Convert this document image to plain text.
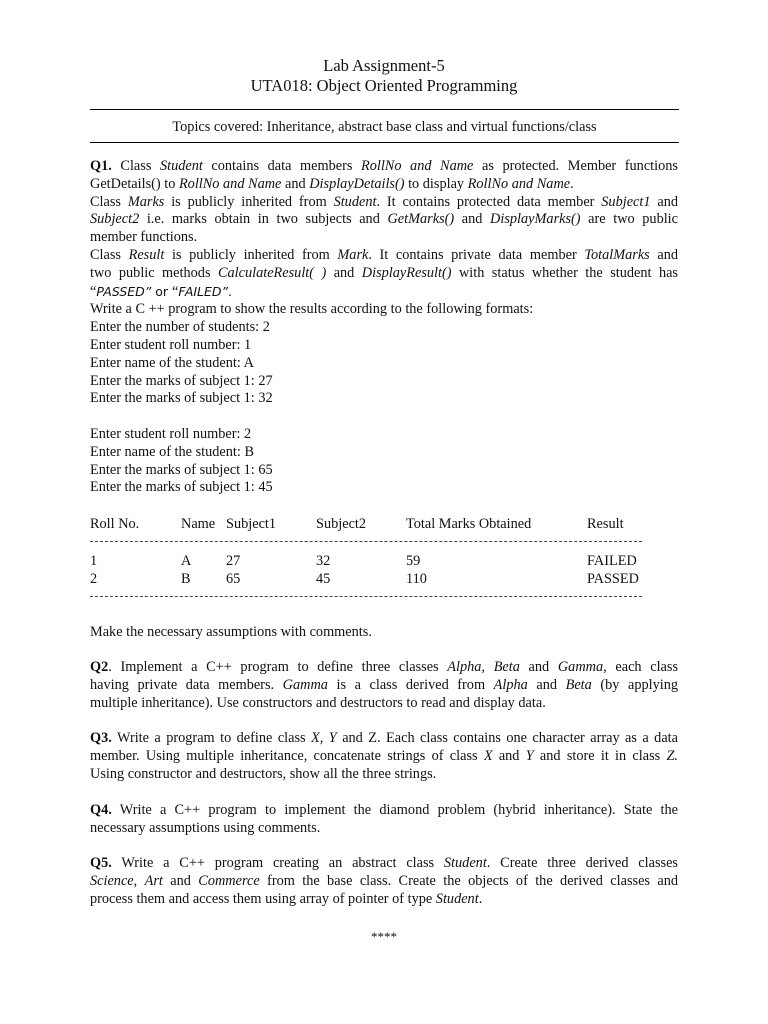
Lab Assignment-5
UTA018: Object Oriented Programming
Topics covered: Inheritance, abstract base class and virtual functions/class
Q1. Class Student contains data members RollNo and Name as protected. Member functions
GetDetails() to RollNo and Name and DisplayDetails() to display RollNo and Name.
Class Marks is publicly inherited from Student. It contains protected data member Subject1 and
Subject2 i.e. marks obtain in two subjects and GetMarks() and DisplayMarks() are two public
member functions.
Class Result is publicly inherited from Mark. It contains private data member TotalMarks and
two public methods CalculateResult( ) and DisplayResult() with status whether the student has
“PASSED” or “FAILED”.
Write a C ++ program to show the results according to the following formats:
Enter the number of students: 2
Enter student roll number: 1
Enter name of the student: A
Enter the marks of subject 1: 27
Enter the marks of subject 1: 32
Enter student roll number: 2
Enter name of the student: B
Enter the marks of subject 1: 65
Enter the marks of subject 1: 45
Roll No.	Name Subject1	Subject2	Total Marks Obtained	Result
1	A 27	32	59	FAILED
2	B 65	45	110	PASSED
Make the necessary assumptions with comments.
Q2. Implement a C++ program to define three classes Alpha, Beta and Gamma, each class
having private data members. Gamma is a class derived from Alpha and Beta (by applying
multiple inheritance). Use constructors and destructors to read and display data.
Q3. Write a program to define class X, Y and Z. Each class contains one character array as a data
member. Using multiple inheritance, concatenate strings of class X and Y and store it in class Z.
Using constructor and destructors, show all the three strings.
Q4. Write a C++ program to implement the diamond problem (hybrid inheritance). State the
necessary assumptions using comments.
Q5. Write a C++ program creating an abstract class Student. Create three derived classes
Science, Art and Commerce from the base class. Create the objects of the derived classes and
process them and access them using array of pointer of type Student.
****
